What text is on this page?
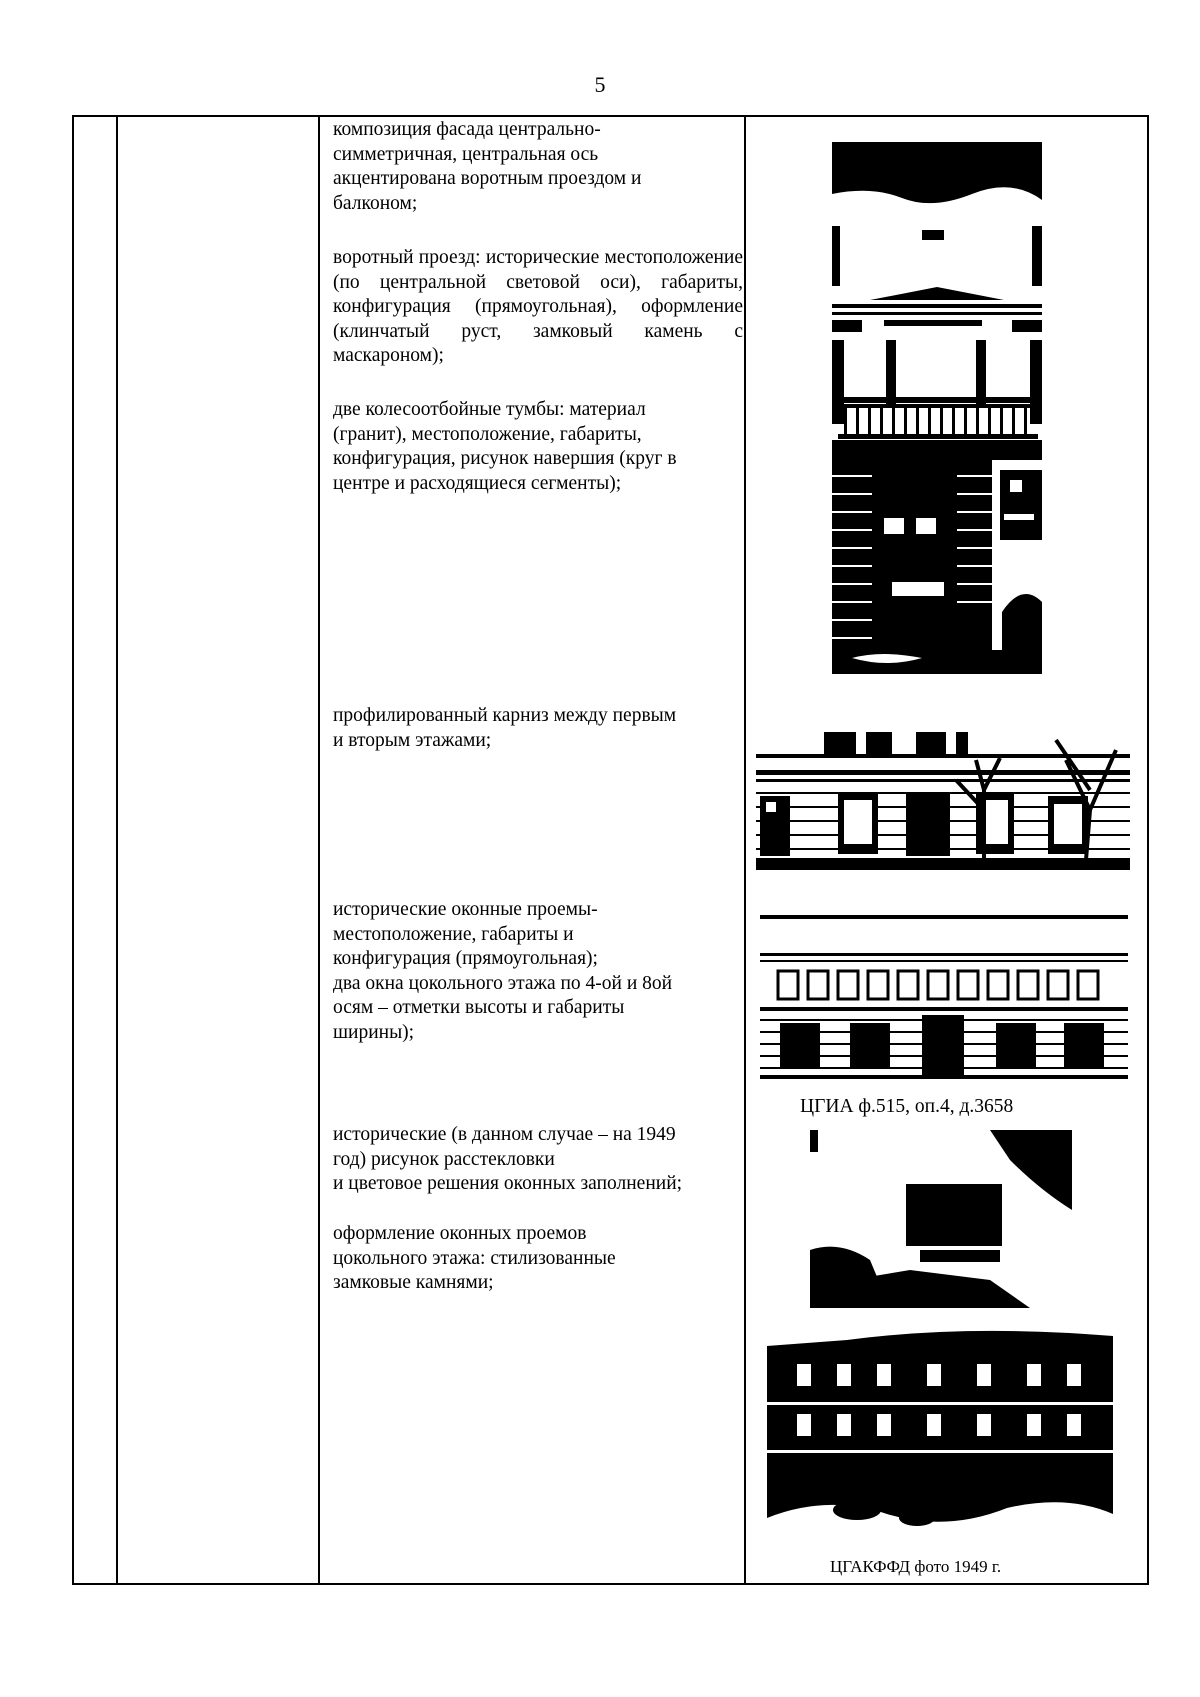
5
композиция фасада центрально-
симметричная, центральная ось
акцентирована воротным проездом и
балконом;
воротный проезд: исторические местоположение (по центральной световой оси), габариты, конфигурация (прямоугольная), оформление (клинчатый руст, замковый камень с маскароном);
две колесоотбойные тумбы: материал
(гранит), местоположение, габариты,
конфигурация, рисунок навершия (круг в
центре и расходящиеся сегменты);
профилированный карниз между первым
и вторым этажами;
исторические оконные проемы-
местоположение, габариты и
конфигурация (прямоугольная);
два окна цокольного этажа по 4-ой и 8ой
осям – отметки высоты и габариты
ширины);
исторические (в данном случае – на 1949
год) рисунок расстекловки
и цветовое решения оконных заполнений;
оформление оконных проемов
цокольного этажа: стилизованные
замковые камнями;
ЦГИА ф.515, оп.4, д.3658
ЦГАКФФД фото 1949 г.
